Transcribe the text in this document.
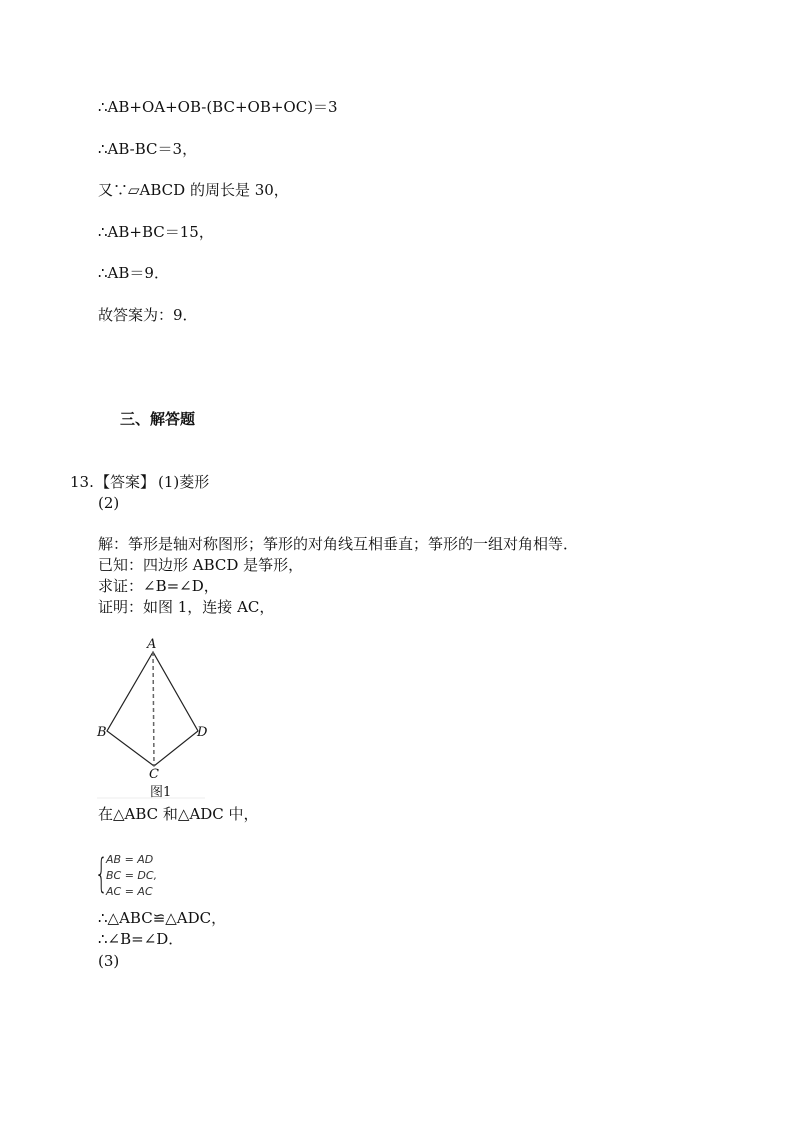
∴AB+OA+OB-(BC+OB+OC)＝3
∴AB-BC＝3，
又∵▱ABCD 的周长是 30，
∴AB+BC＝15，
∴AB＝9．
故答案为：9．
三、解答题
13. 【答案】 (1)菱形
(2)
解：筝形是轴对称图形；筝形的对角线互相垂直；筝形的一组对角相等．
已知：四边形 ABCD 是筝形，
求证：∠B=∠D，
证明：如图 1，连接 AC，
A
B	D
C
图1
在△ABC 和△ADC 中，
{
AB = AD
BC = DC,
AC = AC
∴△ABC≌△ADC，
∴∠B=∠D．
(3)
